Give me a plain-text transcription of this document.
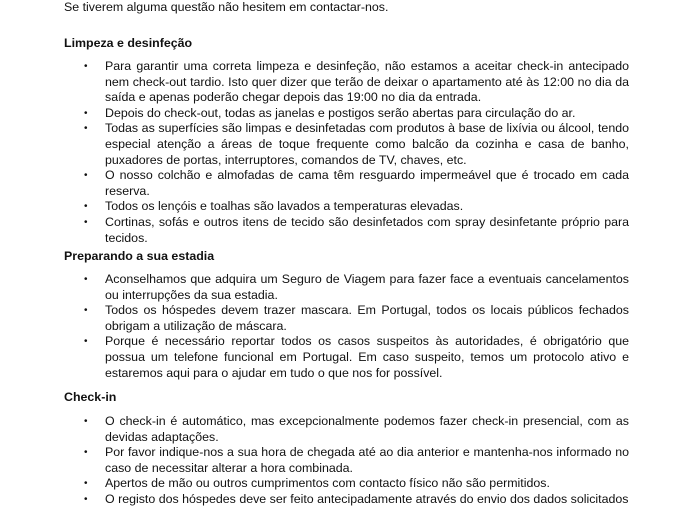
Se tiverem alguma questão não hesitem em contactar-nos.
Limpeza e desinfeção
• Para garantir uma correta limpeza e desinfeção, não estamos a aceitar check-in antecipado nem check-out tardio. Isto quer dizer que terão de deixar o apartamento até às 12:00 no dia da saída e apenas poderão chegar depois das 19:00 no dia da entrada.
• Depois do check-out, todas as janelas e postigos serão abertas para circulação do ar.
• Todas as superfícies são limpas e desinfetadas com produtos à base de lixívia ou álcool, tendo especial atenção a áreas de toque frequente como balcão da cozinha e casa de banho, puxadores de portas, interruptores, comandos de TV, chaves, etc.
• O nosso colchão e almofadas de cama têm resguardo impermeável que é trocado em cada reserva.
• Todos os lençóis e toalhas são lavados a temperaturas elevadas.
• Cortinas, sofás e outros itens de tecido são desinfetados com spray desinfetante próprio para tecidos.
Preparando a sua estadia
• Aconselhamos que adquira um Seguro de Viagem para fazer face a eventuais cancelamentos ou interrupções da sua estadia.
• Todos os hóspedes devem trazer mascara. Em Portugal, todos os locais públicos fechados obrigam a utilização de máscara.
• Porque é necessário reportar todos os casos suspeitos às autoridades, é obrigatório que possua um telefone funcional em Portugal. Em caso suspeito, temos um protocolo ativo e estaremos aqui para o ajudar em tudo o que nos for possível.
Check-in
• O check-in é automático, mas excepcionalmente podemos fazer check-in presencial, com as devidas adaptações.
• Por favor indique-nos a sua hora de chegada até ao dia anterior e mantenha-nos informado no caso de necessitar alterar a hora combinada.
• Apertos de mão ou outros cumprimentos com contacto físico não são permitidos.
• O registo dos hóspedes deve ser feito antecipadamente através do envio dos dados solicitados
